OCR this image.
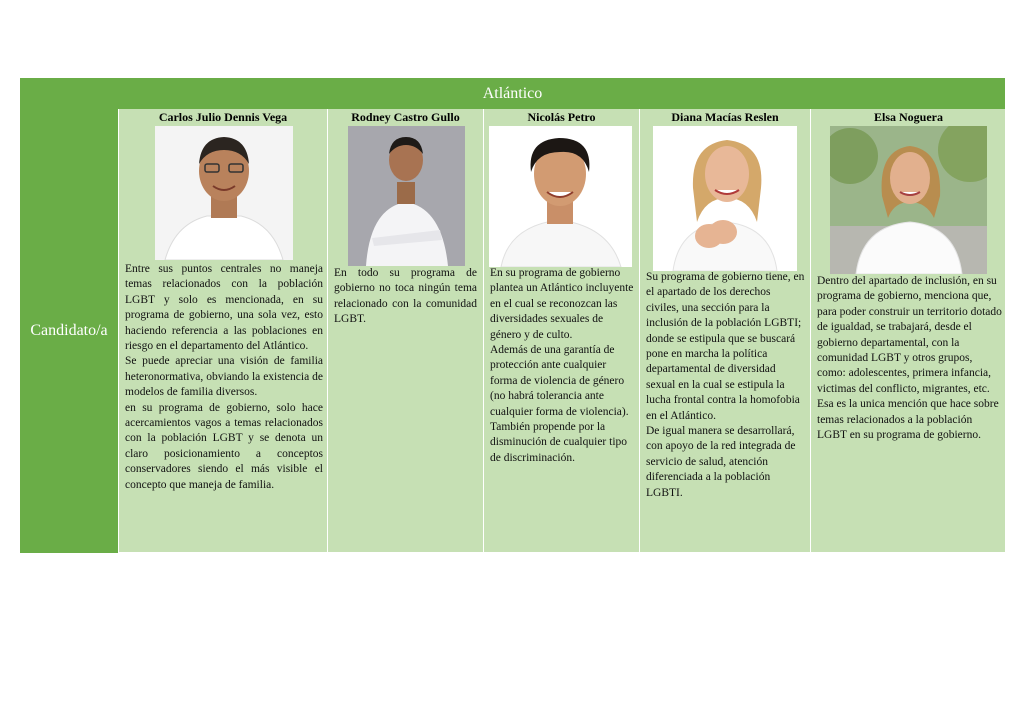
Atlántico
Candidato/a
Carlos Julio Dennis Vega
Entre sus puntos centrales no maneja temas relacionados con la población LGBT y solo es mencionada, en su programa de gobierno, una sola vez, esto haciendo referencia a las poblaciones en riesgo en el departamento del Atlántico.
Se puede apreciar una visión de familia heteronormativa, obviando la existencia de modelos de familia diversos.
en su programa de gobierno, solo hace acercamientos vagos a temas relacionados con la población LGBT y se denota un claro posicionamiento a conceptos conservadores siendo el más visible el concepto que maneja de familia.
Rodney Castro Gullo
En todo su programa de gobierno no toca ningún tema relacionado con la comunidad LGBT.
Nicolás Petro
En su programa de gobierno plantea un Atlántico incluyente en el cual se reconozcan las diversidades sexuales de género y de culto.
Además de una garantía de protección ante cualquier forma de violencia de género (no habrá tolerancia ante cualquier forma de violencia). También propende por la disminución de cualquier tipo de discriminación.
Diana Macías Reslen
Su programa de gobierno tiene, en el apartado de los derechos civiles, una sección para la inclusión de la población LGBTI; donde se estipula que se buscará pone en marcha la política departamental de diversidad sexual en la cual se estipula la lucha frontal contra la homofobia en el Atlántico.
De igual manera se desarrollará, con apoyo de la red integrada de servicio de salud, atención diferenciada a la población LGBTI.
Elsa Noguera
Dentro del apartado de inclusión, en su programa de gobierno, menciona que, para poder construir un territorio dotado de igualdad, se trabajará, desde el gobierno departamental, con la comunidad LGBT y otros grupos, como: adolescentes, primera infancia, victimas del conflicto, migrantes, etc.
Esa es la unica mención que hace sobre temas relacionados a la población LGBT en su programa de gobierno.
